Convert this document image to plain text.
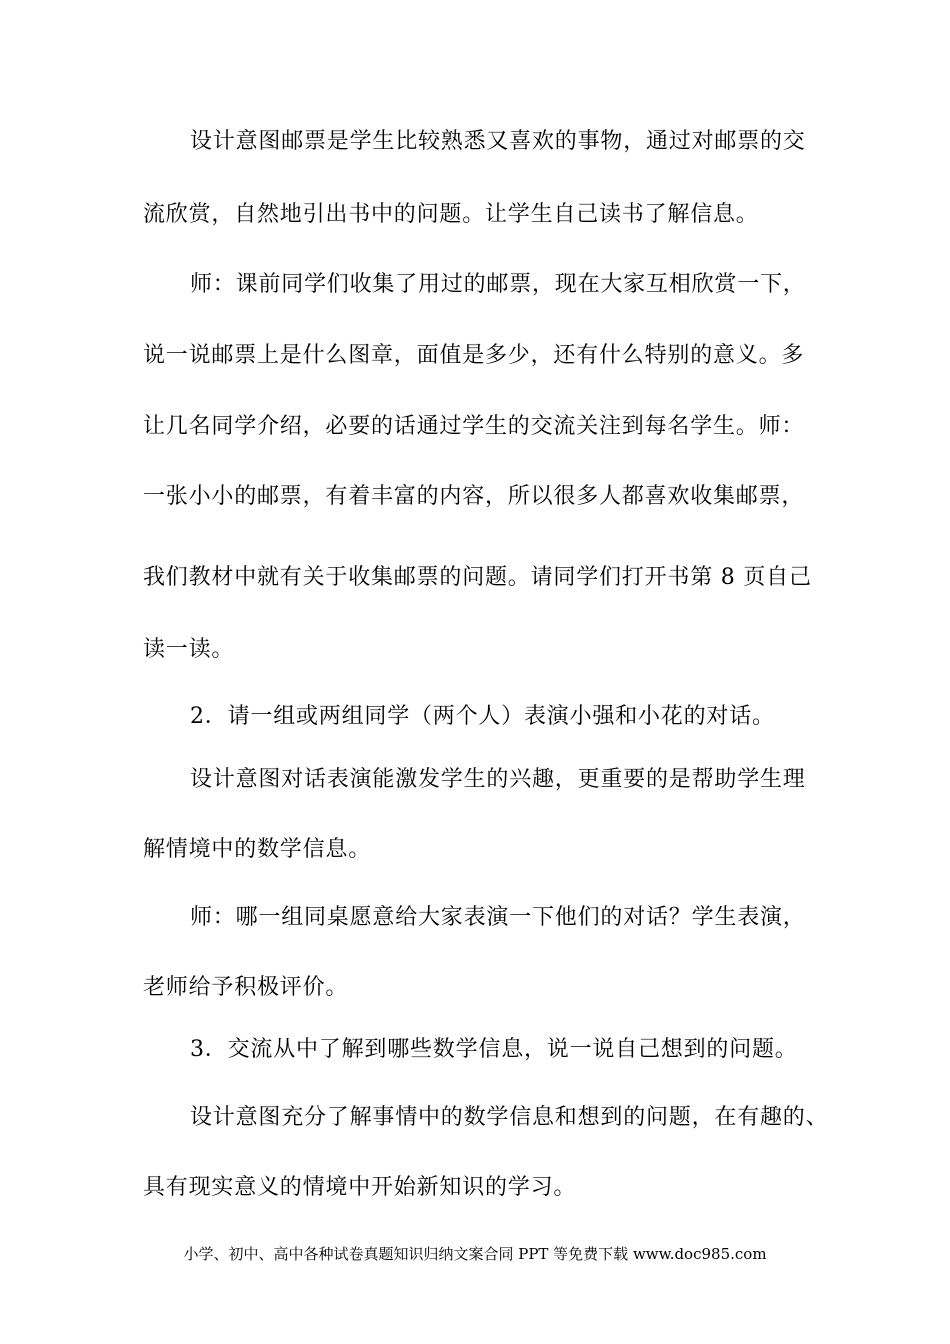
设计意图邮票是学生比较熟悉又喜欢的事物，通过对邮票的交
流欣赏，自然地引出书中的问题。让学生自己读书了解信息。
师：课前同学们收集了用过的邮票，现在大家互相欣赏一下，
说一说邮票上是什么图章，面值是多少，还有什么特别的意义。多
让几名同学介绍，必要的话通过学生的交流关注到每名学生。师：
一张小小的邮票，有着丰富的内容，所以很多人都喜欢收集邮票，
我们教材中就有关于收集邮票的问题。请同学们打开书第 8 页自己
读一读。
2．请一组或两组同学（两个人）表演小强和小花的对话。
设计意图对话表演能激发学生的兴趣，更重要的是帮助学生理
解情境中的数学信息。
师：哪一组同桌愿意给大家表演一下他们的对话？学生表演，
老师给予积极评价。
3．交流从中了解到哪些数学信息，说一说自己想到的问题。
设计意图充分了解事情中的数学信息和想到的问题，在有趣的、
具有现实意义的情境中开始新知识的学习。
小学、初中、高中各种试卷真题知识归纳文案合同 PPT 等免费下载 www.doc985.com
